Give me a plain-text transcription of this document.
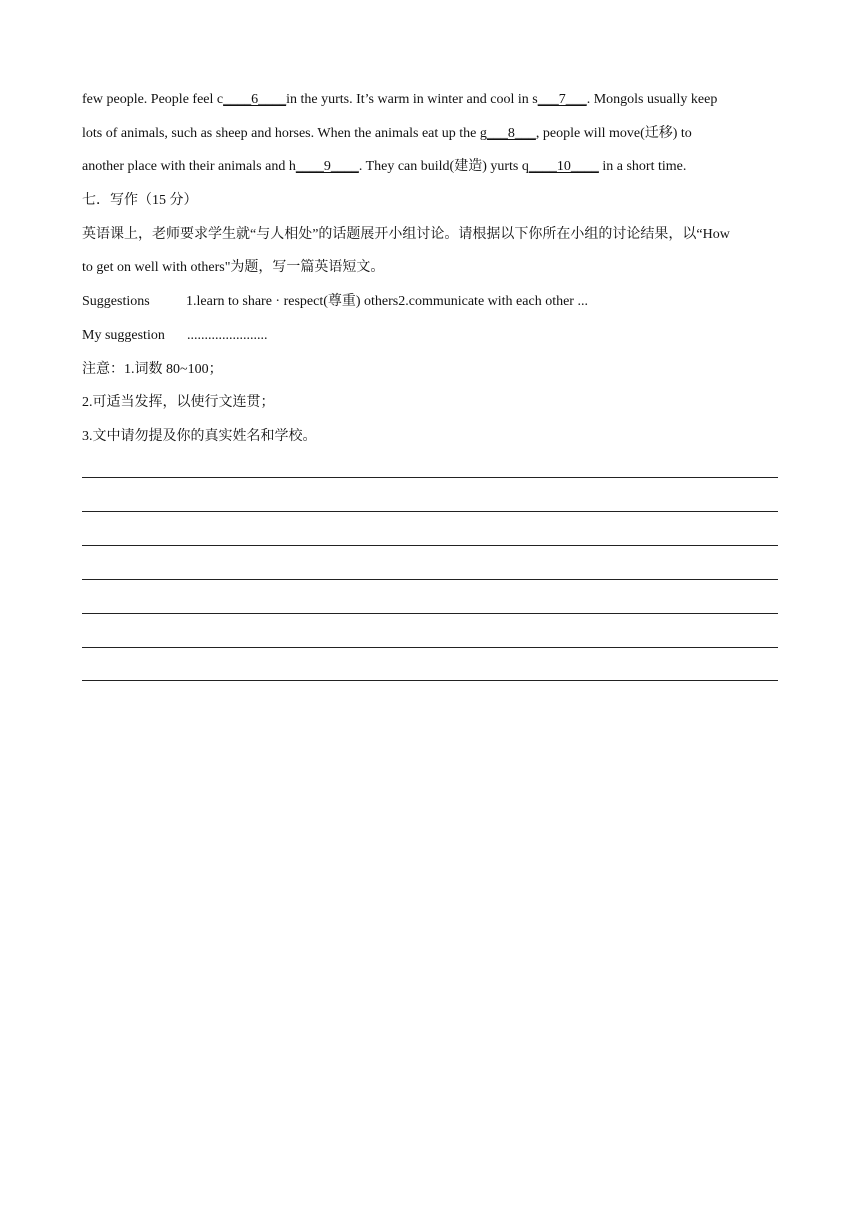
few people. People feel c____6____in the yurts. It’s warm in winter and cool in s___7___. Mongols usually keep
lots of animals, such as sheep and horses. When the animals eat up the g___8___, people will move(迁移) to
another place with their animals and h____9____. They can build(建造) yurts q____10____ in a short time.
七．写作（15 分）
英语课上，老师要求学生就“与人相处”的话题展开小组讨论。请根据以下你所在小组的讨论结果，以“How
to get on well with others"为题，写一篇英语短文。
Suggestions	1.learn to share · respect(尊重) others2.communicate with each other ...
My suggestion .......................
注意：1.词数 80~100；
2.可适当发挥，以使行文连贯；
3.文中请勿提及你的真实姓名和学校。
